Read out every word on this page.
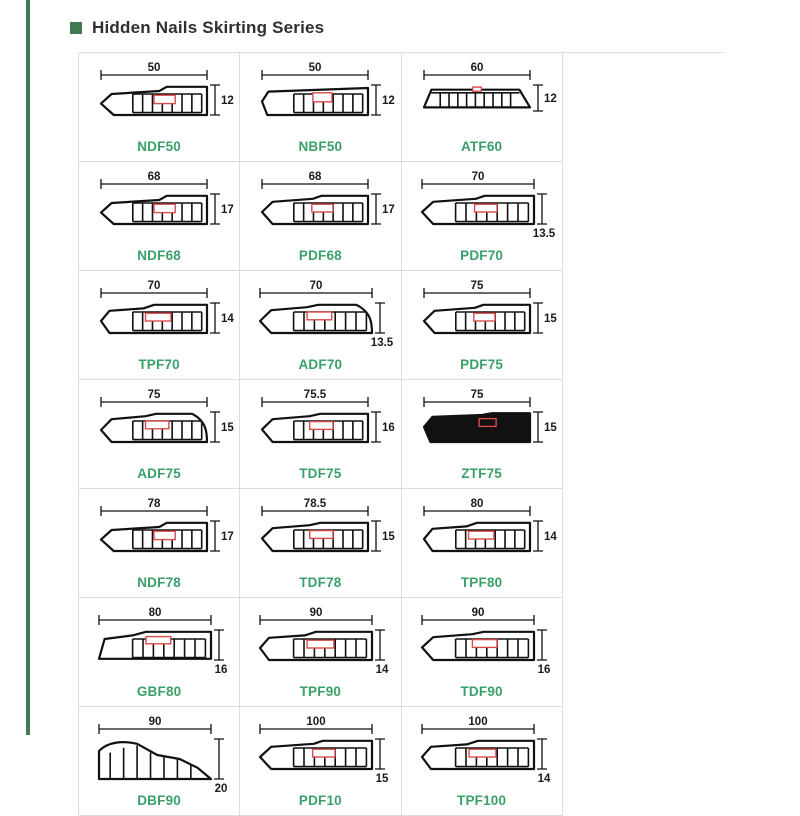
Hidden Nails Skirting Series
50
12
NDF50
50
12
NBF50
60
12
ATF60
68
17
NDF68
68
17
PDF68
70
13.5
PDF70
70
14
TPF70
70
13.5
ADF70
75
15
PDF75
75
15
ADF75
75.5
16
TDF75
75
15
ZTF75
78
17
NDF78
78.5
15
TDF78
80
14
TPF80
80
16
GBF80
90
14
TPF90
90
16
TDF90
90
20
DBF90
100
15
PDF10
100
14
TPF100
